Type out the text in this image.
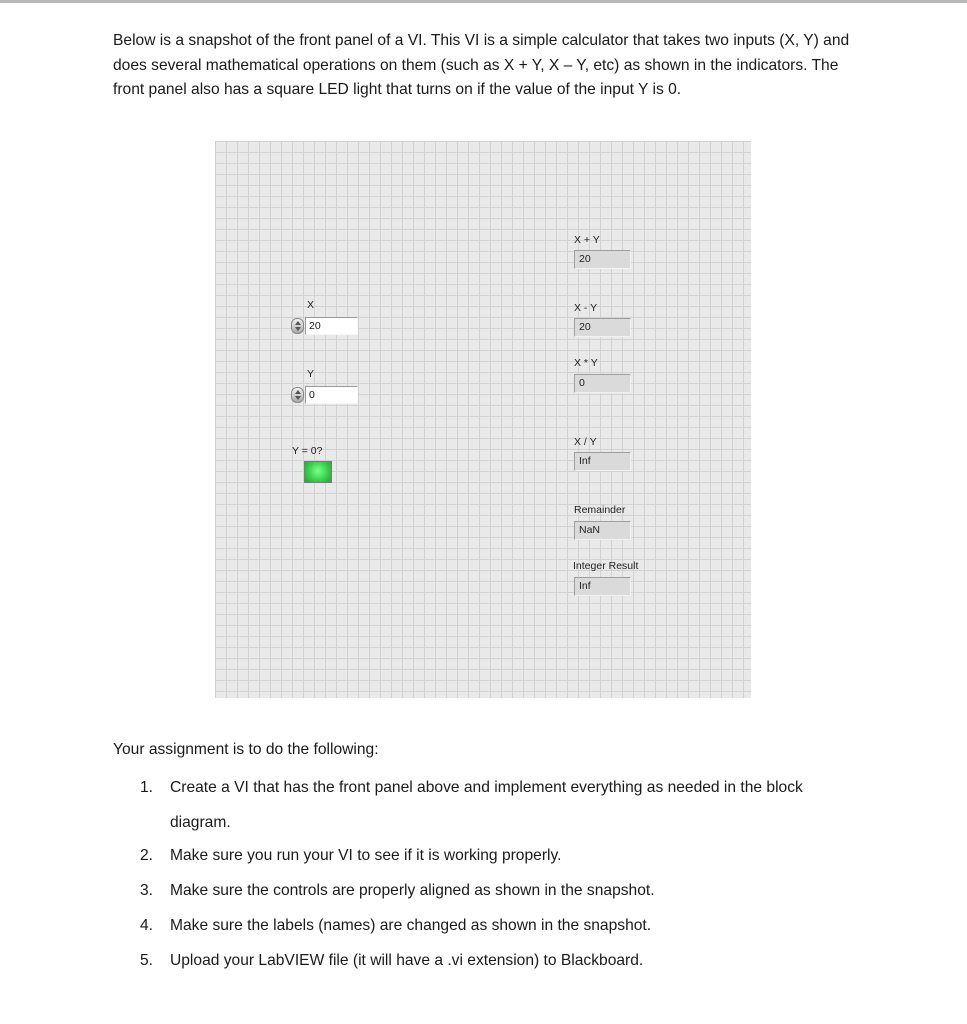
Below is a snapshot of the front panel of a VI. This VI is a simple calculator that takes two inputs (X, Y) and does several mathematical operations on them (such as X + Y, X – Y, etc) as shown in the indicators. The front panel also has a square LED light that turns on if the value of the input Y is 0.

X
20
Y
0
Y = 0?
X + Y
20
X - Y
20
X * Y
0
X / Y
Inf
Remainder
NaN
Integer Result
Inf

Your assignment is to do the following:

1. Create a VI that has the front panel above and implement everything as needed in the block diagram.
2. Make sure you run your VI to see if it is working properly.
3. Make sure the controls are properly aligned as shown in the snapshot.
4. Make sure the labels (names) are changed as shown in the snapshot.
5. Upload your LabVIEW file (it will have a .vi extension) to Blackboard.
